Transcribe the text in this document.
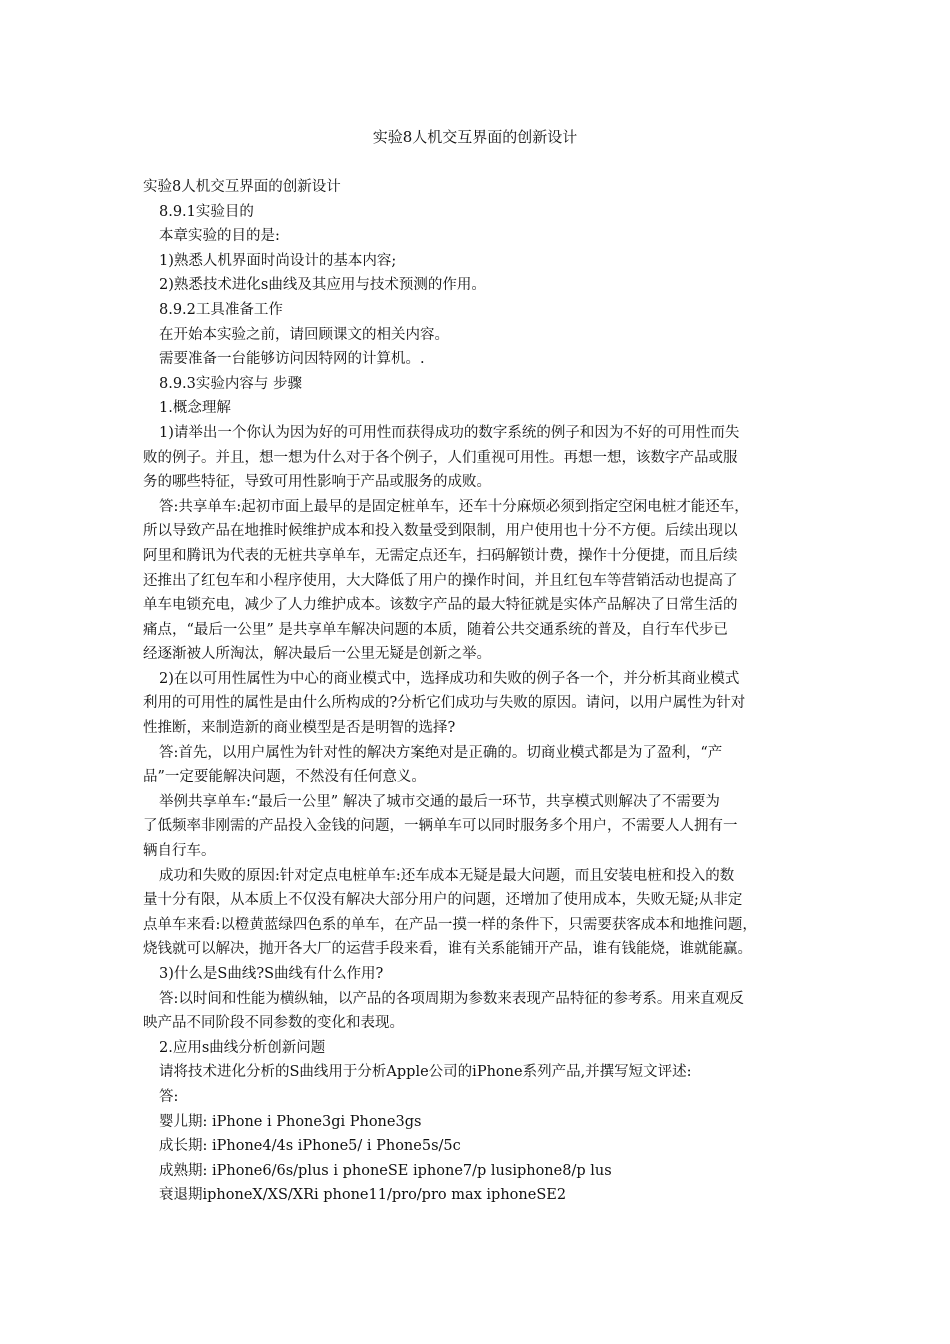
实验8人机交互界面的创新设计

实验8人机交互界面的创新设计

8.9.1实验目的

本章实验的目的是:

1)熟悉人机界面时尚设计的基本内容;

2)熟悉技术进化s曲线及其应用与技术预测的作用。

8.9.2工具准备工作

在开始本实验之前，请回顾课文的相关内容。

需要准备一台能够访问因特网的计算机。.

8.9.3实验内容与 步骤

1.概念理解

1)请举出一个你认为因为好的可用性而获得成功的数字系统的例子和因为不好的可用性而失

败的例子。并且，想一想为什么对于各个例子，人们重视可用性。再想一想，该数字产品或服

务的哪些特征，导致可用性影响于产品或服务的成败。

答:共享单车:起初市面上最早的是固定桩单车，还车十分麻烦必须到指定空闲电桩才能还车，

所以导致产品在地推时候维护成本和投入数量受到限制，用户使用也十分不方便。后续出现以

阿里和腾讯为代表的无桩共享单车，无需定点还车，扫码解锁计费，操作十分便捷，而且后续

还推出了红包车和小程序使用，大大降低了用户的操作时间，并且红包车等营销活动也提高了

单车电锁充电，减少了人力维护成本。该数字产品的最大特征就是实体产品解决了日常生活的

痛点，“最后一公里” 是共享单车解决问题的本质，随着公共交通系统的普及，自行车代步已

经逐渐被人所淘汰，解决最后一公里无疑是创新之举。

2)在以可用性属性为中心的商业模式中，选择成功和失败的例子各一个，并分析其商业模式

利用的可用性的属性是由什么所构成的?分析它们成功与失败的原因。请问，以用户属性为针对

性推断，来制造新的商业模型是否是明智的选择?

答:首先，以用户属性为针对性的解决方案绝对是正确的。切商业模式都是为了盈利，“产

品”一定要能解决问题，不然没有任何意义。

举例共享单车:“最后一公里” 解决了城市交通的最后一环节，共享模式则解决了不需要为

了低频率非刚需的产品投入金钱的问题，一辆单车可以同时服务多个用户，不需要人人拥有一

辆自行车。

成功和失败的原因:针对定点电桩单车:还车成本无疑是最大问题，而且安装电桩和投入的数

量十分有限，从本质上不仅没有解决大部分用户的问题，还增加了使用成本，失败无疑;从非定

点单车来看:以橙黄蓝绿四色系的单车，在产品一摸一样的条件下，只需要获客成本和地推问题，

烧钱就可以解决，抛开各大厂的运营手段来看，谁有关系能铺开产品，谁有钱能烧，谁就能赢。

3)什么是S曲线?S曲线有什么作用?

答:以时间和性能为横纵轴，以产品的各项周期为参数来表现产品特征的参考系。用来直观反

映产品不同阶段不同参数的变化和表现。

2.应用s曲线分析创新问题

请将技术进化分析的S曲线用于分析Apple公司的iPhone系列产品,并撰写短文评述:

答:

婴儿期: iPhone i Phone3gi Phone3gs

成长期: iPhone4/4s iPhone5/ i Phone5s/5c

成熟期: iPhone6/6s/plus i phoneSE iphone7/p lusiphone8/p lus

衰退期iphoneX/XS/XRi phone11/pro/pro max iphoneSE2
